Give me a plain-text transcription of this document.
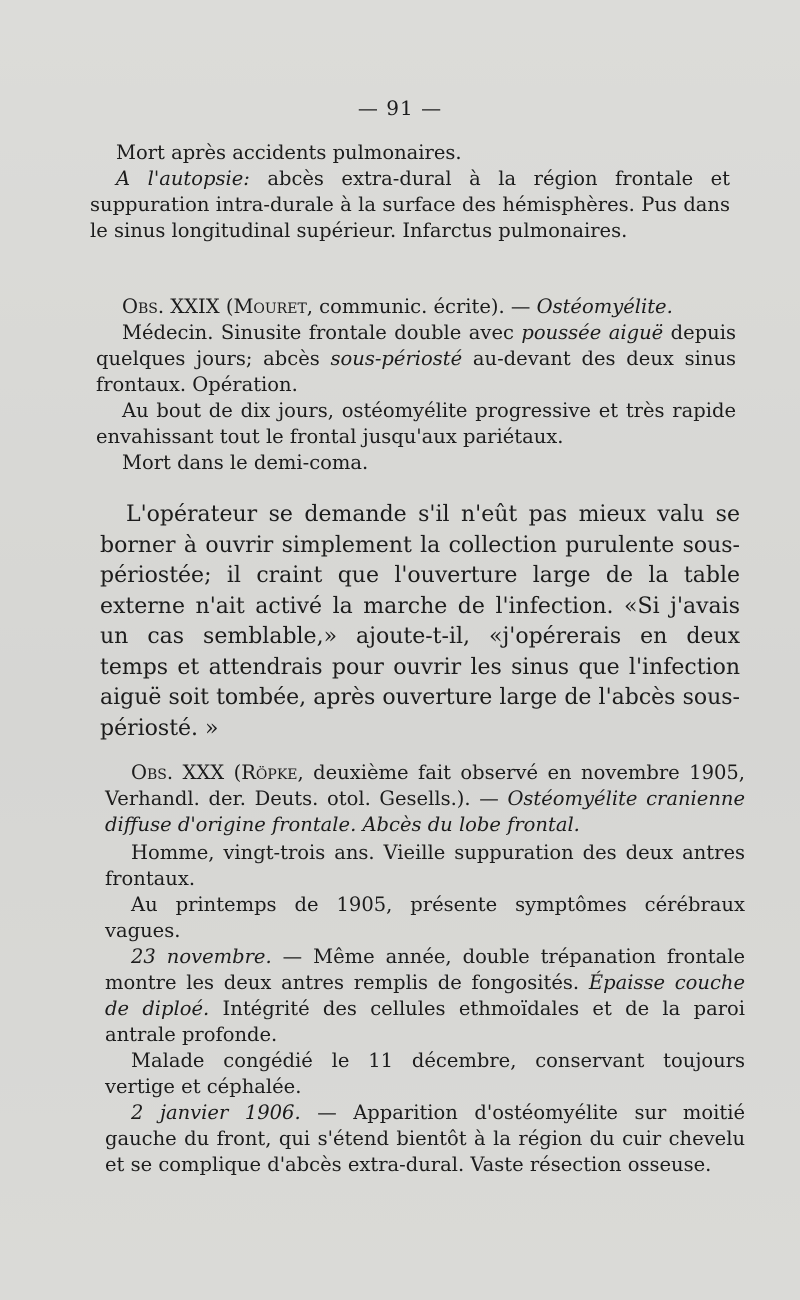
— 91 —

Mort après accidents pulmonaires.

A l'autopsie: abcès extra-dural à la région frontale et suppuration intra-durale à la surface des hémisphères. Pus dans le sinus longitudinal supérieur. Infarctus pulmonaires.

Obs. XXIX (Mouret, communic. écrite). — Ostéomyélite.

Médecin. Sinusite frontale double avec poussée aiguë depuis quelques jours; abcès sous-périosté au-devant des deux sinus frontaux. Opération.

Au bout de dix jours, ostéomyélite progressive et très rapide envahissant tout le frontal jusqu'aux pariétaux.

Mort dans le demi-coma.

L'opérateur se demande s'il n'eût pas mieux valu se borner à ouvrir simplement la collection purulente sous-périostée; il craint que l'ouverture large de la table externe n'ait activé la marche de l'infection. «Si j'avais un cas semblable,» ajoute-t-il, «j'opérerais en deux temps et attendrais pour ouvrir les sinus que l'infection aiguë soit tombée, après ouverture large de l'abcès sous-périosté. »

Obs. XXX (Röpke, deuxième fait observé en novembre 1905, Verhandl. der. Deuts. otol. Gesells.). — Ostéomyélite cranienne diffuse d'origine frontale. Abcès du lobe frontal.

Homme, vingt-trois ans. Vieille suppuration des deux antres frontaux.

Au printemps de 1905, présente symptômes cérébraux vagues.

23 novembre. — Même année, double trépanation frontale montre les deux antres remplis de fongosités. Épaisse couche de diploé. Intégrité des cellules ethmoïdales et de la paroi antrale profonde.

Malade congédié le 11 décembre, conservant toujours vertige et céphalée.

2 janvier 1906. — Apparition d'ostéomyélite sur moitié gauche du front, qui s'étend bientôt à la région du cuir chevelu et se complique d'abcès extra-dural. Vaste résection osseuse.
